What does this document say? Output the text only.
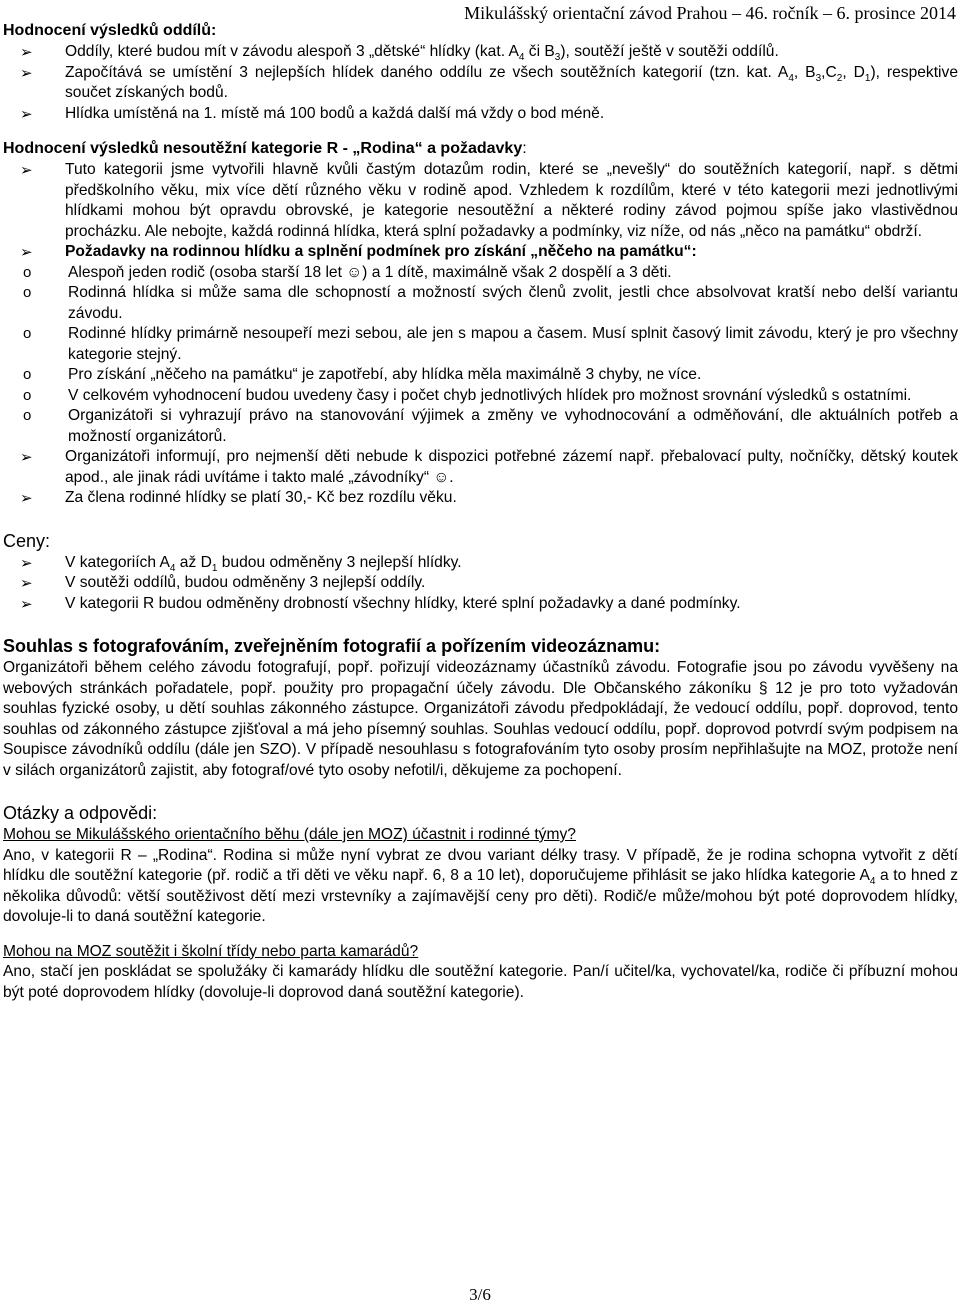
Mikulášský orientační závod Prahou – 46. ročník – 6. prosince 2014
Hodnocení výsledků oddílů:
➢ Oddíly, které budou mít v závodu alespoň 3 „dětské“ hlídky (kat. $A_4$ či $B_3$), soutěží ještě v soutěži oddílů.
➢ Započítává se umístění 3 nejlepších hlídek daného oddílu ze všech soutěžních kategorií (tzn. kat. $A_4$, $B_3,C_2$, $D_1$), respektive součet získaných bodů.
➢ Hlídka umístěná na 1. místě má 100 bodů a každá další má vždy o bod méně.
Hodnocení výsledků nesoutěžní kategorie R - „Rodina“ a požadavky:
➢ Tuto kategorii jsme vytvořili hlavně kvůli častým dotazům rodin, které se „nevešly“ do soutěžních kategorií, např. s dětmi předškolního věku, mix více dětí různého věku v rodině apod. Vzhledem k rozdílům, které v této kategorii mezi jednotlivými hlídkami mohou být opravdu obrovské, je kategorie nesoutěžní a některé rodiny závod pojmou spíše jako vlastivědnou procházku. Ale nebojte, každá rodinná hlídka, která splní požadavky a podmínky, viz níže, od nás „něco na památku“ obdrží.
➢ Požadavky na rodinnou hlídku a splnění podmínek pro získání „něčeho na památku“:
o Alespoň jeden rodič (osoba starší 18 let ☺) a 1 dítě, maximálně však 2 dospělí a 3 děti.
o Rodinná hlídka si může sama dle schopností a možností svých členů zvolit, jestli chce absolvovat kratší nebo delší variantu závodu.
o Rodinné hlídky primárně nesoupeří mezi sebou, ale jen s mapou a časem. Musí splnit časový limit závodu, který je pro všechny kategorie stejný.
o Pro získání „něčeho na památku“ je zapotřebí, aby hlídka měla maximálně 3 chyby, ne více.
o V celkovém vyhodnocení budou uvedeny časy i počet chyb jednotlivých hlídek pro možnost srovnání výsledků s ostatními.
o Organizátoři si vyhrazují právo na stanovování výjimek a změny ve vyhodnocování a odměňování, dle aktuálních potřeb a možností organizátorů.
➢ Organizátoři informují, pro nejmenší děti nebude k dispozici potřebné zázemí např. přebalovací pulty, nočníčky, dětský koutek apod., ale jinak rádi uvítáme i takto malé „závodníky“ ☺.
➢ Za člena rodinné hlídky se platí 30,- Kč bez rozdílu věku.
Ceny:
➢ V kategoriích $A_4$ až $D_1$ budou odměněny 3 nejlepší hlídky.
➢ V soutěži oddílů, budou odměněny 3 nejlepší oddíly.
➢ V kategorii R budou odměněny drobností všechny hlídky, které splní požadavky a dané podmínky.
Souhlas s fotografováním, zveřejněním fotografií a pořízením videozáznamu:

Organizátoři během celého závodu fotografují, popř. pořizují videozáznamy účastníků závodu. Fotografie jsou po závodu vyvěšeny na webových stránkách pořadatele, popř. použity pro propagační účely závodu. Dle Občanského zákoníku § 12 je pro toto vyžadován souhlas fyzické osoby, u dětí souhlas zákonného zástupce. Organizátoři závodu předpokládají, že vedoucí oddílu, popř. doprovod, tento souhlas od zákonného zástupce zjišťoval a má jeho písemný souhlas. Souhlas vedoucí oddílu, popř. doprovod potvrdí svým podpisem na Soupisce závodníků oddílu (dále jen SZO). V případě nesouhlasu s fotografováním tyto osoby prosím nepřihlašujte na MOZ, protože není v silách organizátorů zajistit, aby fotograf/ové tyto osoby nefotil/i, děkujeme za pochopení.

Otázky a odpovědi:

Mohou se Mikulášského orientačního běhu (dále jen MOZ) účastnit i rodinné týmy?

Ano, v kategorii R – „Rodina“. Rodina si může nyní vybrat ze dvou variant délky trasy. V případě, že je rodina schopna vytvořit z dětí hlídku dle soutěžní kategorie (př. rodič a tři děti ve věku např. 6, 8 a 10 let), doporučujeme přihlásit se jako hlídka kategorie $A_4$ a to hned z několika důvodů: větší soutěživost dětí mezi vrstevníky a zajímavější ceny pro děti). Rodič/e může/mohou být poté doprovodem hlídky, dovoluje-li to daná soutěžní kategorie.

Mohou na MOZ soutěžit i školní třídy nebo parta kamarádů?

Ano, stačí jen poskládat se spolužáky či kamarády hlídku dle soutěžní kategorie. Pan/í učitel/ka, vychovatel/ka, rodiče či příbuzní mohou být poté doprovodem hlídky (dovoluje-li doprovod daná soutěžní kategorie).

3/6
